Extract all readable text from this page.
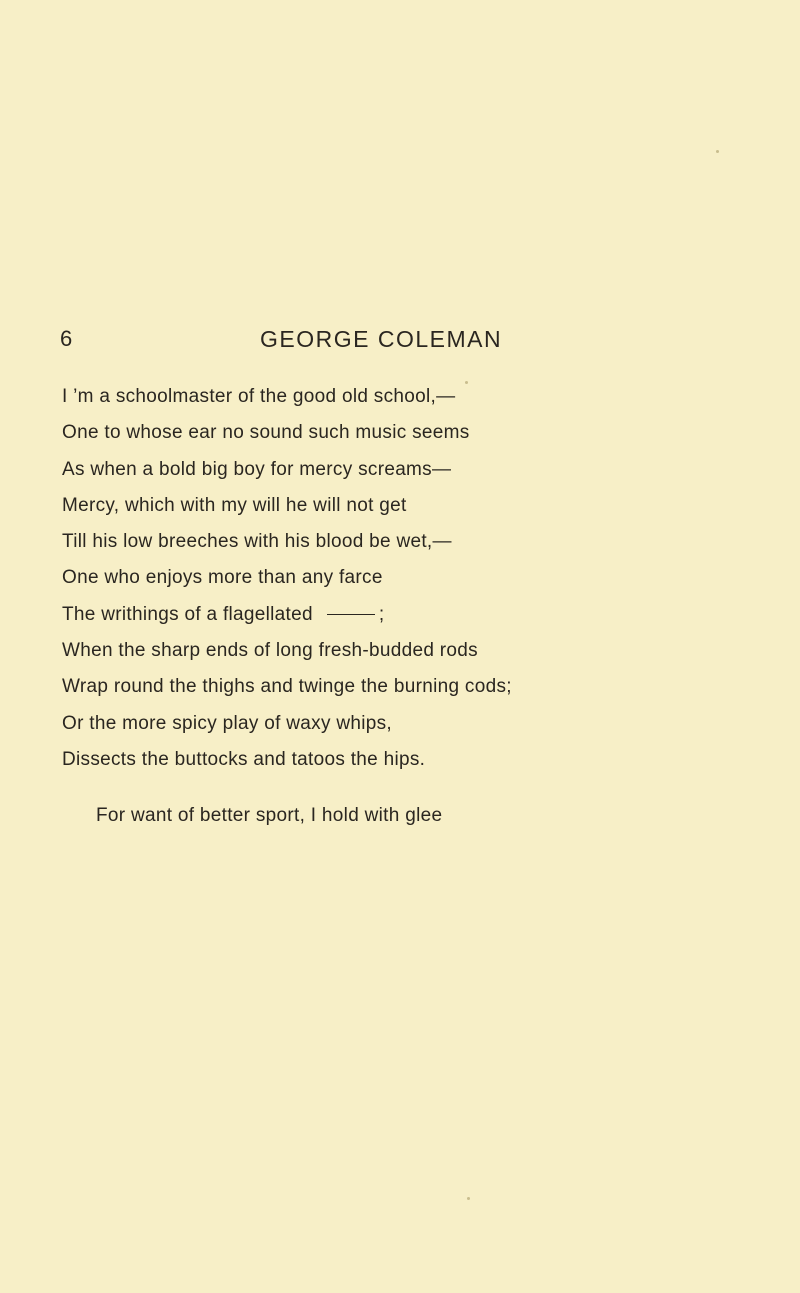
6	GEORGE COLEMAN
I ’m a schoolmaster of the good old school,—
One to whose ear no sound such music seems
As when a bold big boy for mercy screams—
Mercy, which with my will he will not get
Till his low breeches with his blood be wet,—
One who enjoys more than any farce
The writhings of a flagellated	;
When the sharp ends of long fresh-budded rods
Wrap round the thighs and twinge the burning cods;
Or the more spicy play of waxy whips,
Dissects the buttocks and tatoos the hips.
For want of better sport, I hold with glee
